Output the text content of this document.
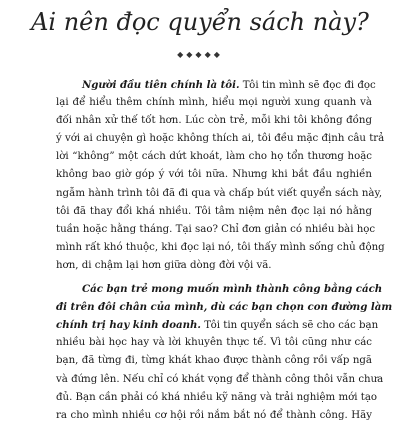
Ai nên đọc quyển sách này?
◆◆◆◆◆
Người đầu tiên chính là tôi. Tôi tin mình sẽ đọc đi đọc
lại để hiểu thêm chính mình, hiểu mọi người xung quanh và
đối nhân xử thế tốt hơn. Lúc còn trẻ, mỗi khi tôi không đồng
ý với ai chuyện gì hoặc không thích ai, tôi đều mặc định câu trả
lời “không” một cách dứt khoát, làm cho họ tổn thương hoặc
không bao giờ góp ý với tôi nữa. Nhưng khi bắt đầu nghiền
ngẫm hành trình tôi đã đi qua và chấp bút viết quyển sách này,
tôi đã thay đổi khá nhiều. Tôi tâm niệm nên đọc lại nó hằng
tuần hoặc hằng tháng. Tại sao? Chỉ đơn giản có nhiều bài học
mình rất khó thuộc, khi đọc lại nó, tôi thấy mình sống chủ động
hơn, di chậm lại hơn giữa dòng đời vội vã.
Các bạn trẻ mong muốn mình thành công bằng cách
đi trên đôi chân của mình, dù các bạn chọn con đường làm
chính trị hay kinh doanh. Tôi tin quyển sách sẽ cho các bạn
nhiều bài học hay và lời khuyên thực tế. Vì tôi cũng như các
bạn, đã từng đi, từng khát khao được thành công rồi vấp ngã
và đứng lên. Nếu chỉ có khát vọng để thành công thôi vẫn chưa
đủ. Bạn cần phải có khá nhiều kỹ năng và trải nghiệm mới tạo
ra cho mình nhiều cơ hội rồi nắm bắt nó để thành công. Hãy
